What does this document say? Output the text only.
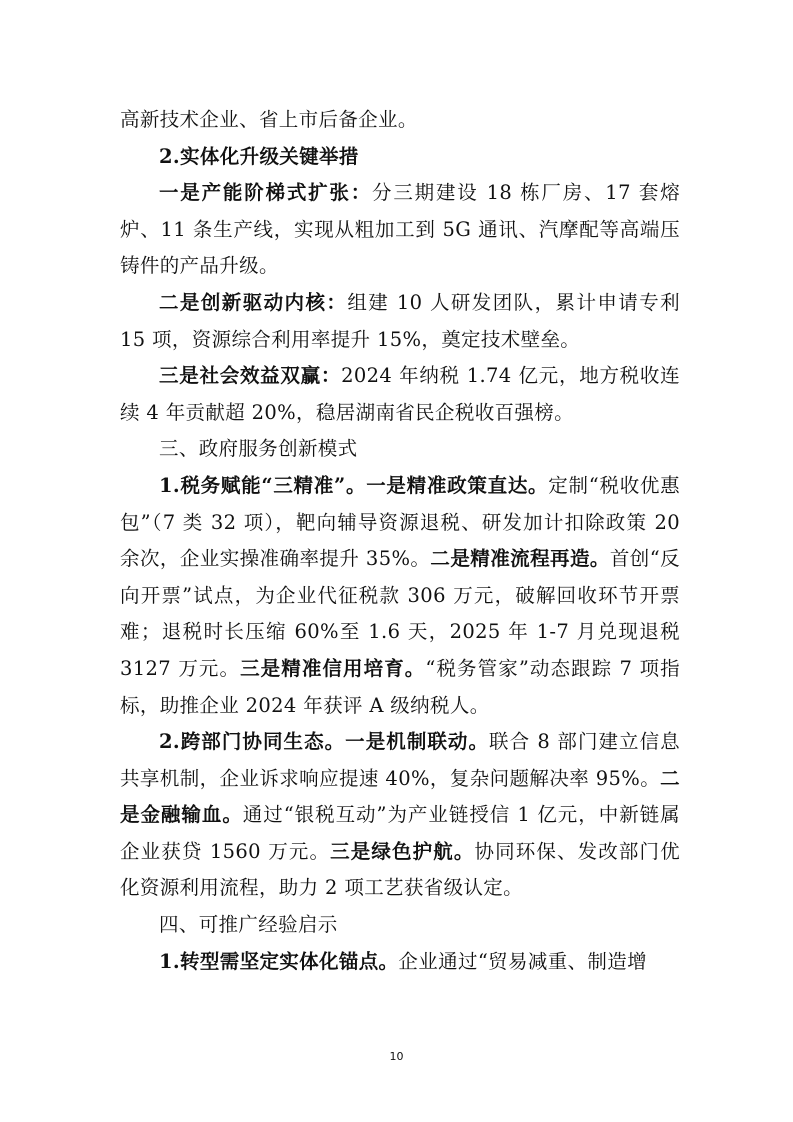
高新技术企业、省上市后备企业。

2.实体化升级关键举措

一是产能阶梯式扩张：分三期建设 18 栋厂房、17 套熔炉、11 条生产线，实现从粗加工到 5G 通讯、汽摩配等高端压铸件的产品升级。

二是创新驱动内核：组建 10 人研发团队，累计申请专利 15 项，资源综合利用率提升 15%，奠定技术壁垒。

三是社会效益双赢：2024 年纳税 1.74 亿元，地方税收连续 4 年贡献超 20%，稳居湖南省民企税收百强榜。

三、政府服务创新模式

1.税务赋能“三精准”。一是精准政策直达。定制“税收优惠包”（7 类 32 项），靶向辅导资源退税、研发加计扣除政策 20 余次，企业实操准确率提升 35%。二是精准流程再造。首创“反向开票”试点，为企业代征税款 306 万元，破解回收环节开票难；退税时长压缩 60%至 1.6 天，2025 年 1-7 月兑现退税 3127 万元。三是精准信用培育。“税务管家”动态跟踪 7 项指标，助推企业 2024 年获评 A 级纳税人。

2.跨部门协同生态。一是机制联动。联合 8 部门建立信息共享机制，企业诉求响应提速 40%，复杂问题解决率 95%。二是金融输血。通过“银税互动”为产业链授信 1 亿元，中新链属企业获贷 1560 万元。三是绿色护航。协同环保、发改部门优化资源利用流程，助力 2 项工艺获省级认定。

四、可推广经验启示

1.转型需坚定实体化锚点。企业通过“贸易减重、制造增

10
